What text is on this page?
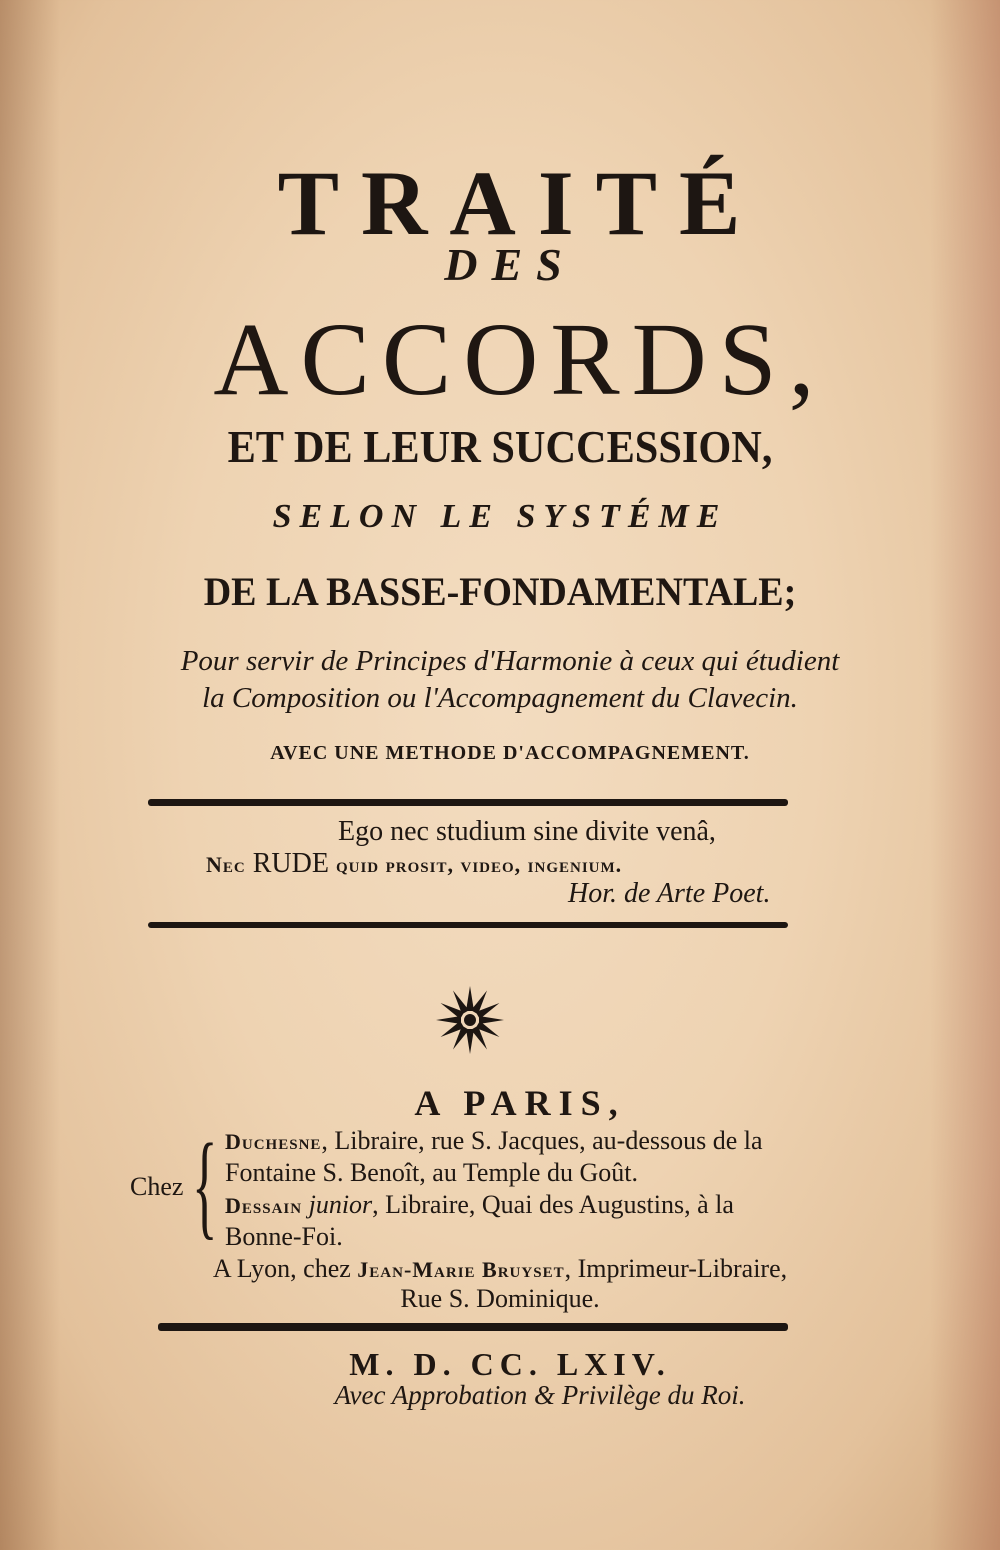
TRAITÉ
DES
ACCORDS,
ET DE LEUR SUCCESSION,
SELON LE SYSTÉME
DE LA BASSE-FONDAMENTALE;
Pour servir de Principes d'Harmonie à ceux qui étudient
la Composition ou l'Accompagnement du Clavecin.
AVEC UNE METHODE D'ACCOMPAGNEMENT.
Ego nec studium sine divite venâ,
Nec RUDE quid prosit, video, ingenium.
Hor. de Arte Poet.
A PARIS,
Chez { Duchesne, Libraire, rue S. Jacques, au-dessous de la
Fontaine S. Benoît, au Temple du Goût.
Dessain junior, Libraire, Quai des Augustins, à la
Bonne-Foi.
A Lyon, chez Jean-Marie Bruyset, Imprimeur-Libraire,
Rue S. Dominique.
M. D. CC. LXIV.
Avec Approbation & Privilège du Roi.
